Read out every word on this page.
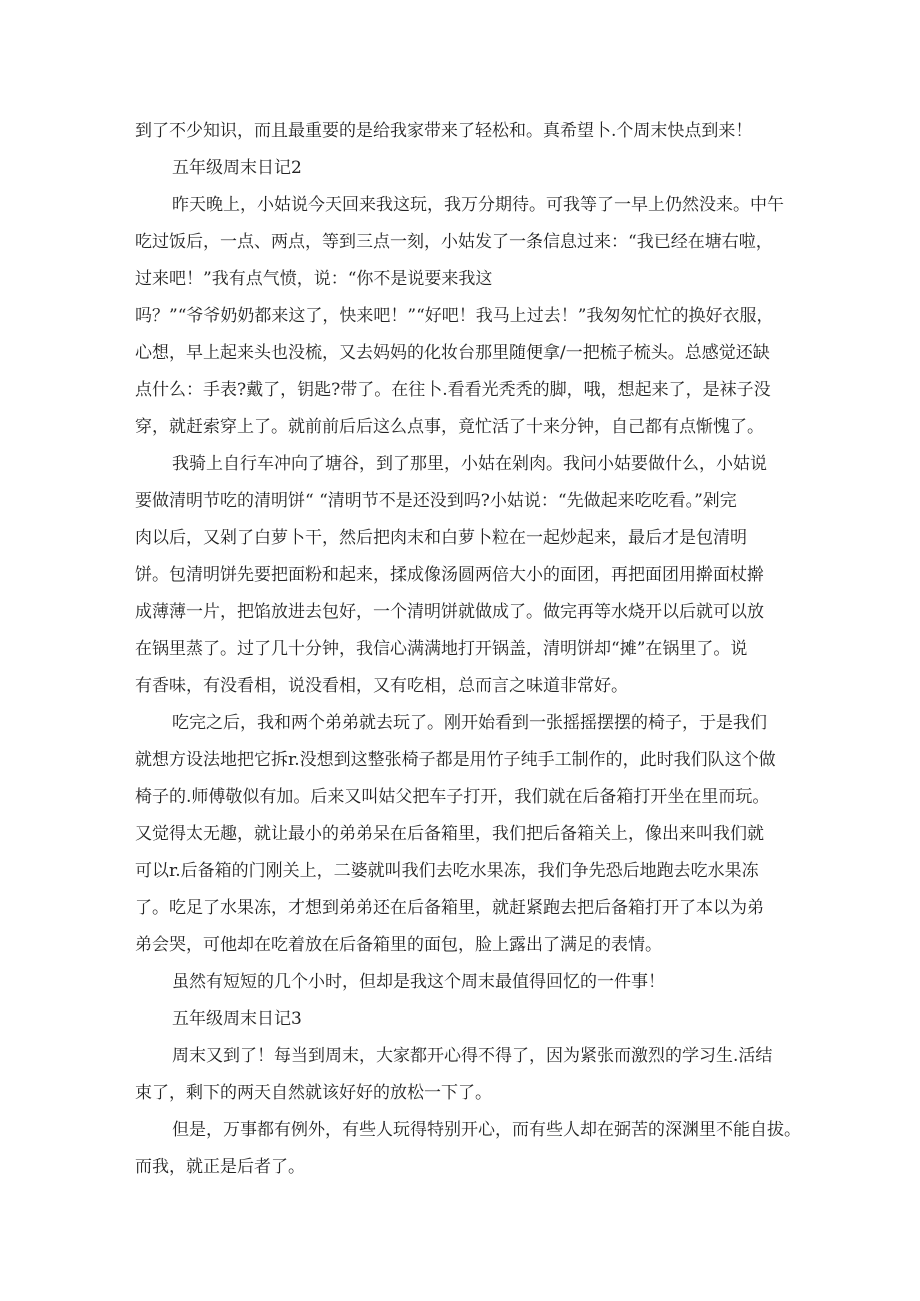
到了不少知识，而且最重要的是给我家带来了轻松和。真希望卜.个周末快点到来！
五年级周末日记2
昨天晚上，小姑说今天回来我这玩，我万分期待。可我等了一早上仍然没来。中午
吃过饭后，一点、两点，等到三点一刻，小姑发了一条信息过来：“我已经在塘右啦，
过来吧！”我有点气愤，说：“你不是说要来我这
吗？”“爷爷奶奶都来这了，快来吧！”“好吧！我马上过去！”我匆匆忙忙的换好衣服，
心想，早上起来头也没梳，又去妈妈的化妆台那里随便拿/一把梳子梳头。总感觉还缺
点什么：手表?戴了，钥匙?带了。在往卜.看看光秃秃的脚，哦，想起来了，是袜子没
穿，就赶索穿上了。就前前后后这么点事，竟忙活了十来分钟，自己都有点惭愧了。
我骑上自行车冲向了塘谷，到了那里，小姑在剁肉。我问小姑要做什么，小姑说
要做清明节吃的清明饼“ “清明节不是还没到吗?小姑说：“先做起来吃吃看。”剁完
肉以后，又剁了白萝卜干，然后把肉末和白萝卜粒在一起炒起来，最后才是包清明
饼。包清明饼先要把面粉和起来，揉成像汤圆两倍大小的面团，再把面团用擀面杖擀
成薄薄一片，把馅放进去包好，一个清明饼就做成了。做完再等水烧开以后就可以放
在锅里蒸了。过了几十分钟，我信心满满地打开锅盖，清明饼却“摊”在锅里了。说
有香味，有没看相，说没看相，又有吃相，总而言之味道非常好。
吃完之后，我和两个弟弟就去玩了。刚开始看到一张摇摇摆摆的椅子，于是我们
就想方设法地把它拆r.没想到这整张椅子都是用竹子纯手工制作的，此时我们队这个做
椅子的.师傅敬似有加。后来又叫姑父把车子打开，我们就在后备箱打开坐在里而玩。
又觉得太无趣，就让最小的弟弟呆在后备箱里，我们把后备箱关上，像出来叫我们就
可以r.后备箱的门刚关上，二婆就叫我们去吃水果冻，我们争先恐后地跑去吃水果冻
了。吃足了水果冻，才想到弟弟还在后备箱里，就赶紧跑去把后备箱打开了本以为弟
弟会哭，可他却在吃着放在后备箱里的面包，脸上露出了满足的表情。
虽然有短短的几个小时，但却是我这个周末最值得回忆的一件事！
五年级周末日记3
周末又到了！每当到周末，大家都开心得不得了，因为紧张而激烈的学习生.活结
束了，剩下的两天自然就该好好的放松一下了。
但是，万事都有例外，有些人玩得特别开心，而有些人却在弼苦的深渊里不能自拔。
而我，就正是后者了。
